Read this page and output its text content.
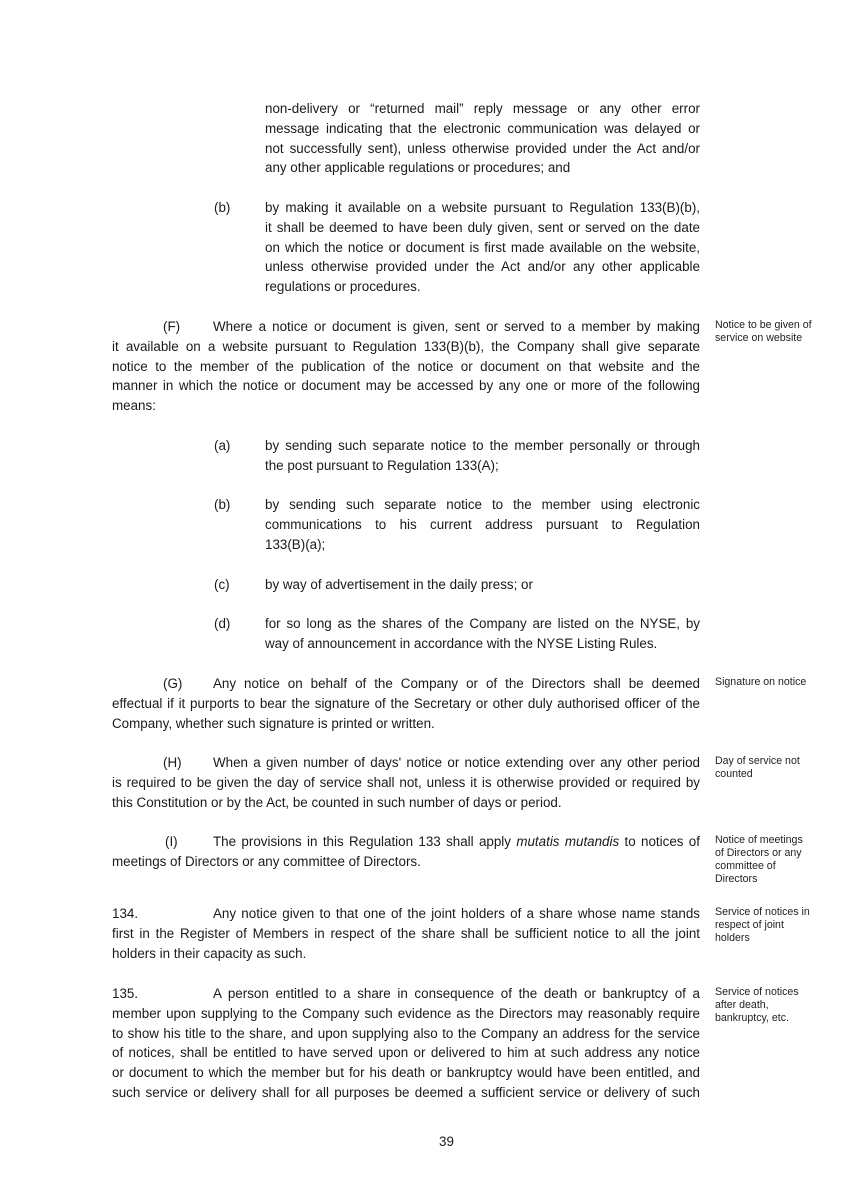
non-delivery or “returned mail” reply message or any other error
message indicating that the electronic communication was delayed or
not successfully sent), unless otherwise provided under the Act and/or
any other applicable regulations or procedures; and
(b)	by making it available on a website pursuant to Regulation 133(B)(b),
it shall be deemed to have been duly given, sent or served on the date
on which the notice or document is first made available on the website,
unless otherwise provided under the Act and/or any other applicable
regulations or procedures.
(F) Where a notice or document is given, sent or served to a member by making
it available on a website pursuant to Regulation 133(B)(b), the Company shall give separate
notice to the member of the publication of the notice or document on that website and the
manner in which the notice or document may be accessed by any one or more of the following
means:
Notice to be given of
service on website
(a)	by sending such separate notice to the member personally or through
the post pursuant to Regulation 133(A);
(b)	by sending such separate notice to the member using electronic
communications to his current address pursuant to Regulation
133(B)(a);
(c)	by way of advertisement in the daily press; or
(d)	for so long as the shares of the Company are listed on the NYSE, by
way of announcement in accordance with the NYSE Listing Rules.
(G) Any notice on behalf of the Company or of the Directors shall be deemed
effectual if it purports to bear the signature of the Secretary or other duly authorised officer of the
Company, whether such signature is printed or written.
Signature on notice
(H) When a given number of days' notice or notice extending over any other period
is required to be given the day of service shall not, unless it is otherwise provided or required by
this Constitution or by the Act, be counted in such number of days or period.
Day of service not
counted
(I)	The provisions in this Regulation 133 shall apply mutatis mutandis to notices of
meetings of Directors or any committee of Directors.
Notice of meetings
of Directors or any
committee of
Directors
134.	Any notice given to that one of the joint holders of a share whose name stands
first in the Register of Members in respect of the share shall be sufficient notice to all the joint
holders in their capacity as such.
Service of notices in
respect of joint
holders
135.	A person entitled to a share in consequence of the death or bankruptcy of a
member upon supplying to the Company such evidence as the Directors may reasonably require
to show his title to the share, and upon supplying also to the Company an address for the service
of notices, shall be entitled to have served upon or delivered to him at such address any notice
or document to which the member but for his death or bankruptcy would have been entitled, and
such service or delivery shall for all purposes be deemed a sufficient service or delivery of such
Service of notices
after death,
bankruptcy, etc.
39
